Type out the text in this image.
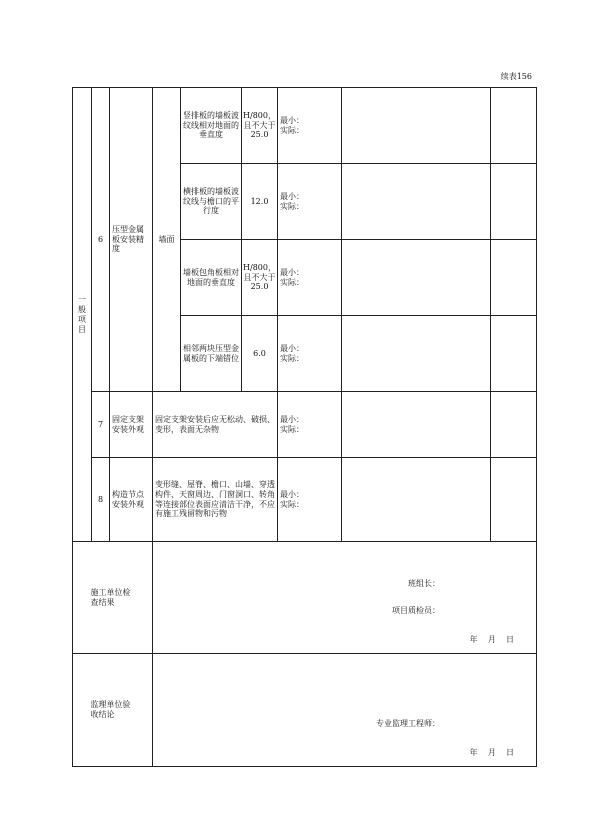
续表156
一
般
项
目	6	压型金属板安装精度	墙面	竖排板的墙板波纹线相对地面的垂直度	H/800，且不大于25.0	最小：
实际：		

				横排板的墙板波纹线与檐口的平行度	12.0	最小：
实际：		

				墙板包角板相对地面的垂直度	H/800，且不大于25.0	最小：
实际：		

				相邻两块压型金属板的下端错位	6.0	最小：
实际：		

	7	固定支架安装外观	固定支架安装后应无松动、破损、变形，表面无杂物			最小：
实际：		

	8	构造节点安装外观	变形缝、屋脊、檐口、山墙、穿透构件、天窗周边、门窗洞口、转角等连接部位表面应清洁干净，不应有施工残留物和污物			最小：
实际：		

施工单位检查结果			班组长：
项目质检员：
年    月    日					

监理单位验收结论			专业监理工程师：
年    月    日					
